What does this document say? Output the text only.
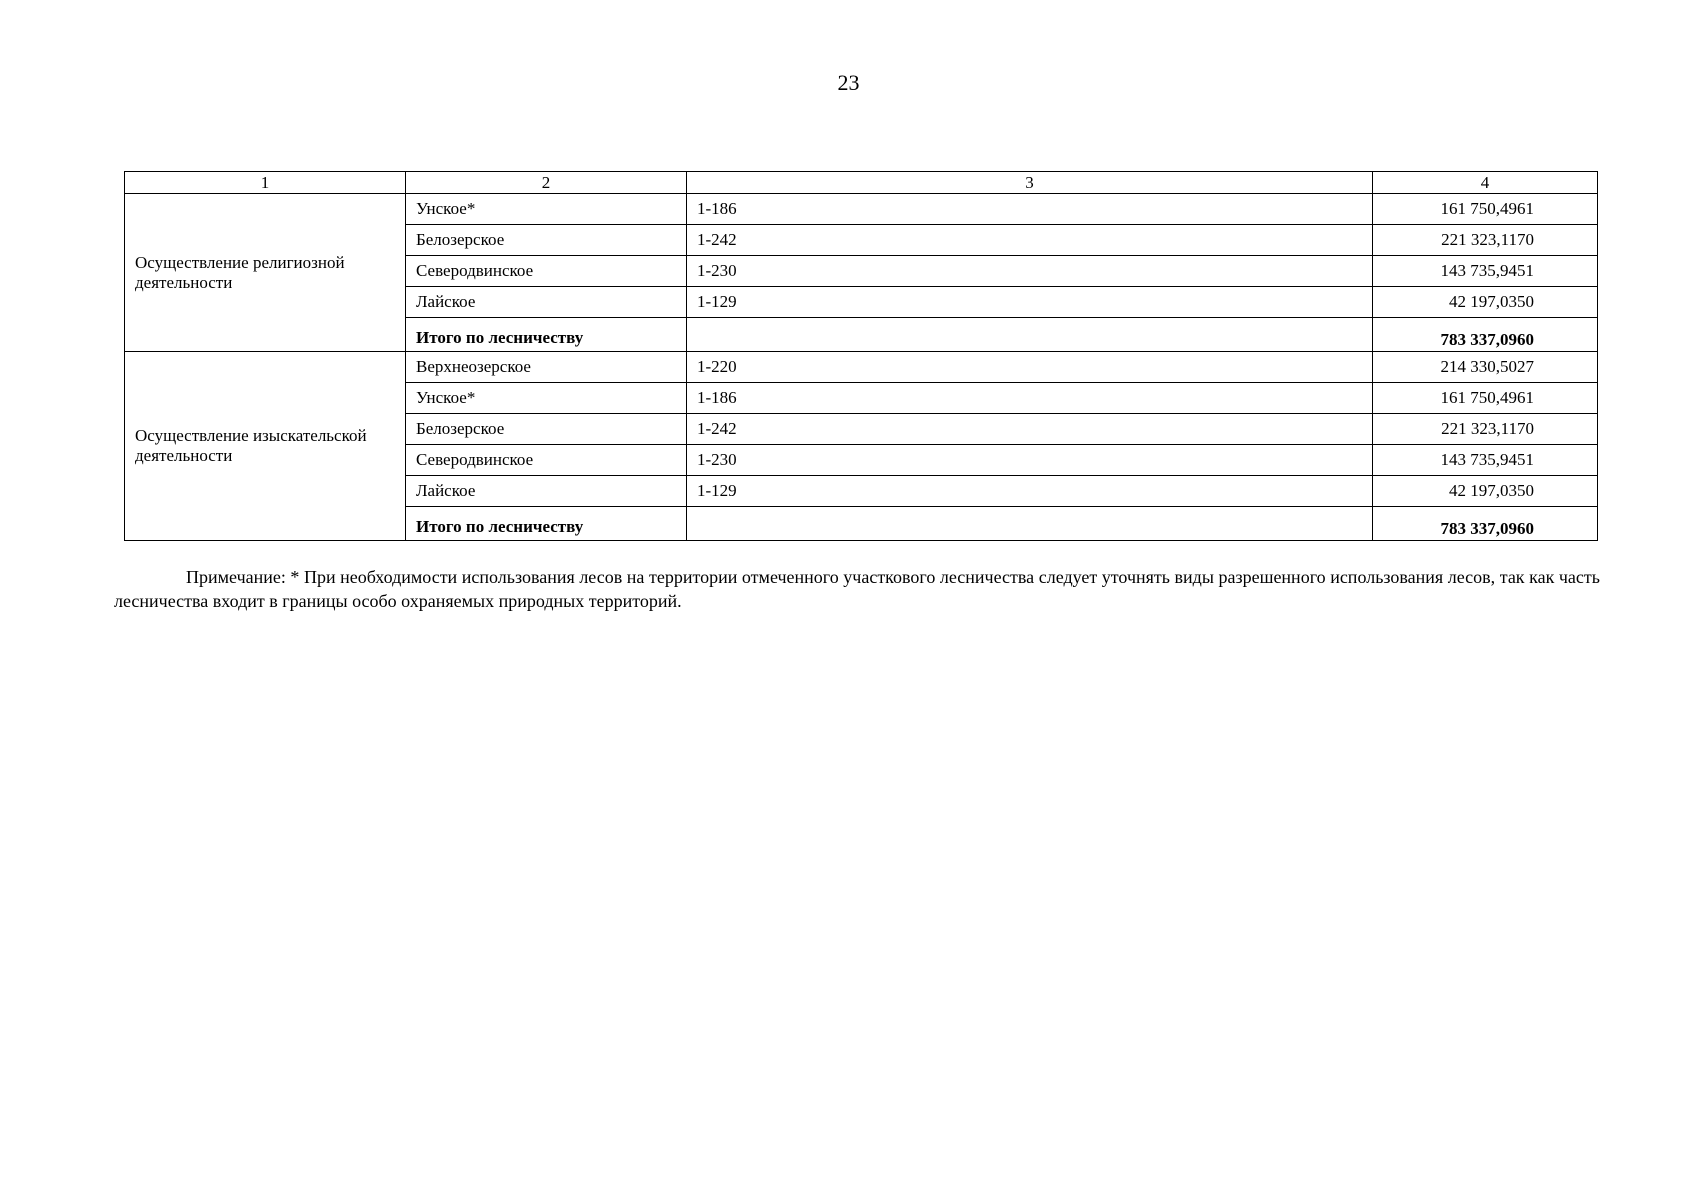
23
1	2	3	4
Осуществление религиозной деятельности	Унское*	1-186	161 750,4961
	Белозерское	1-242	221 323,1170
	Северодвинское	1-230	143 735,9451
	Лайское	1-129	42 197,0350
	Итого по лесничеству		783 337,0960
Осуществление изыскательской деятельности	Верхнеозерское	1-220	214 330,5027
	Унское*	1-186	161 750,4961
	Белозерское	1-242	221 323,1170
	Северодвинское	1-230	143 735,9451
	Лайское	1-129	42 197,0350
	Итого по лесничеству		783 337,0960
Примечание: * При необходимости использования лесов на территории отмеченного участкового лесничества следует уточнять виды разрешенного использования лесов, так как часть лесничества входит в границы особо охраняемых природных территорий.
